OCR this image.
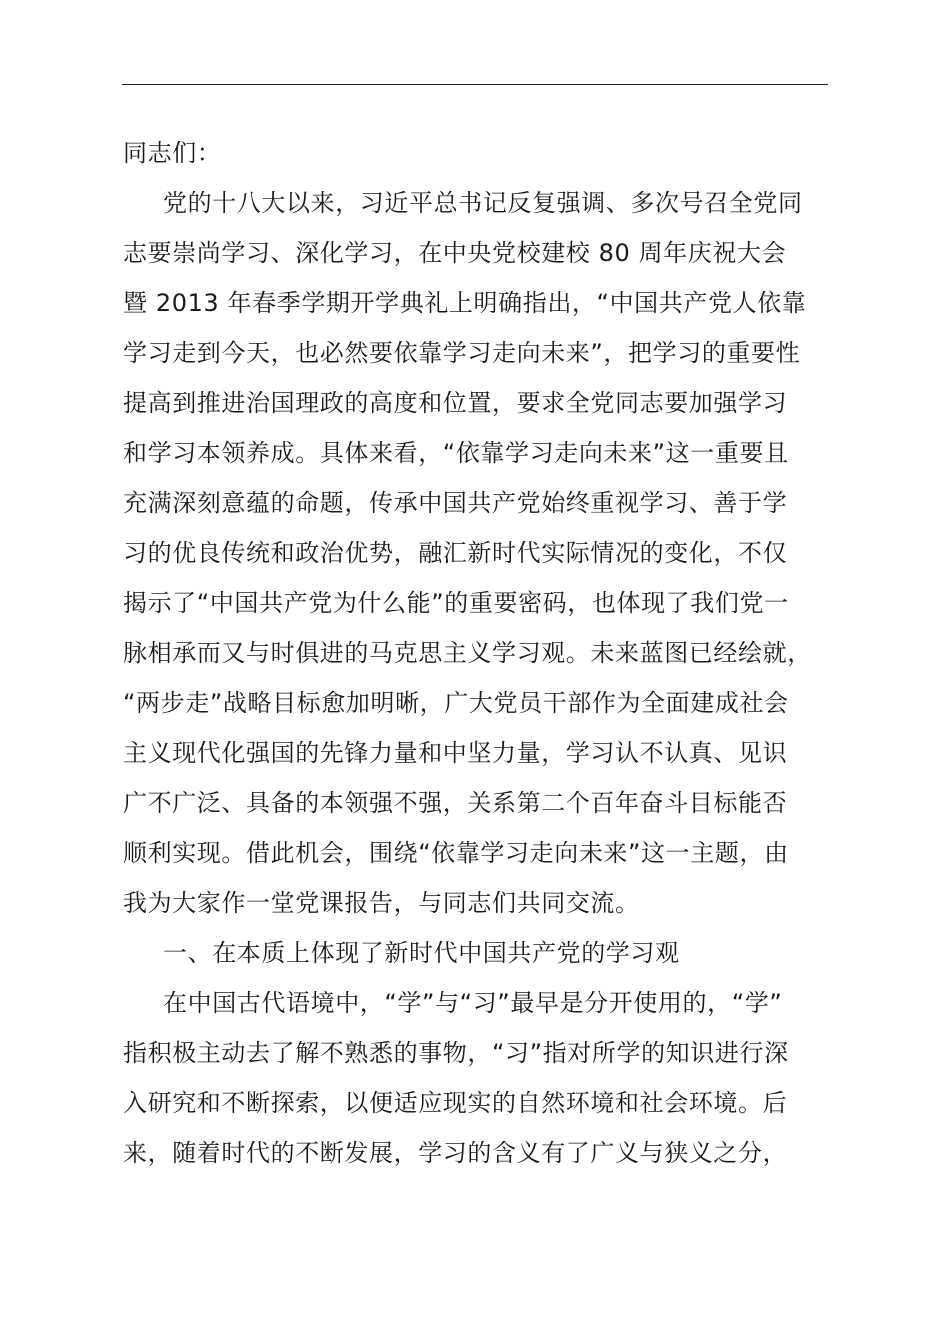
同志们：
党的十八大以来，习近平总书记反复强调、多次号召全党同
志要崇尚学习、深化学习，在中央党校建校 80 周年庆祝大会
暨 2013 年春季学期开学典礼上明确指出，“中国共产党人依靠
学习走到今天，也必然要依靠学习走向未来”，把学习的重要性
提高到推进治国理政的高度和位置，要求全党同志要加强学习
和学习本领养成。具体来看，“依靠学习走向未来”这一重要且
充满深刻意蕴的命题，传承中国共产党始终重视学习、善于学
习的优良传统和政治优势，融汇新时代实际情况的变化，不仅
揭示了“中国共产党为什么能”的重要密码，也体现了我们党一
脉相承而又与时俱进的马克思主义学习观。未来蓝图已经绘就，
“两步走”战略目标愈加明晰，广大党员干部作为全面建成社会
主义现代化强国的先锋力量和中坚力量，学习认不认真、见识
广不广泛、具备的本领强不强，关系第二个百年奋斗目标能否
顺利实现。借此机会，围绕“依靠学习走向未来”这一主题，由
我为大家作一堂党课报告，与同志们共同交流。
一、在本质上体现了新时代中国共产党的学习观
在中国古代语境中，“学”与“习”最早是分开使用的，“学”
指积极主动去了解不熟悉的事物，“习”指对所学的知识进行深
入研究和不断探索，以便适应现实的自然环境和社会环境。后
来，随着时代的不断发展，学习的含义有了广义与狭义之分，
